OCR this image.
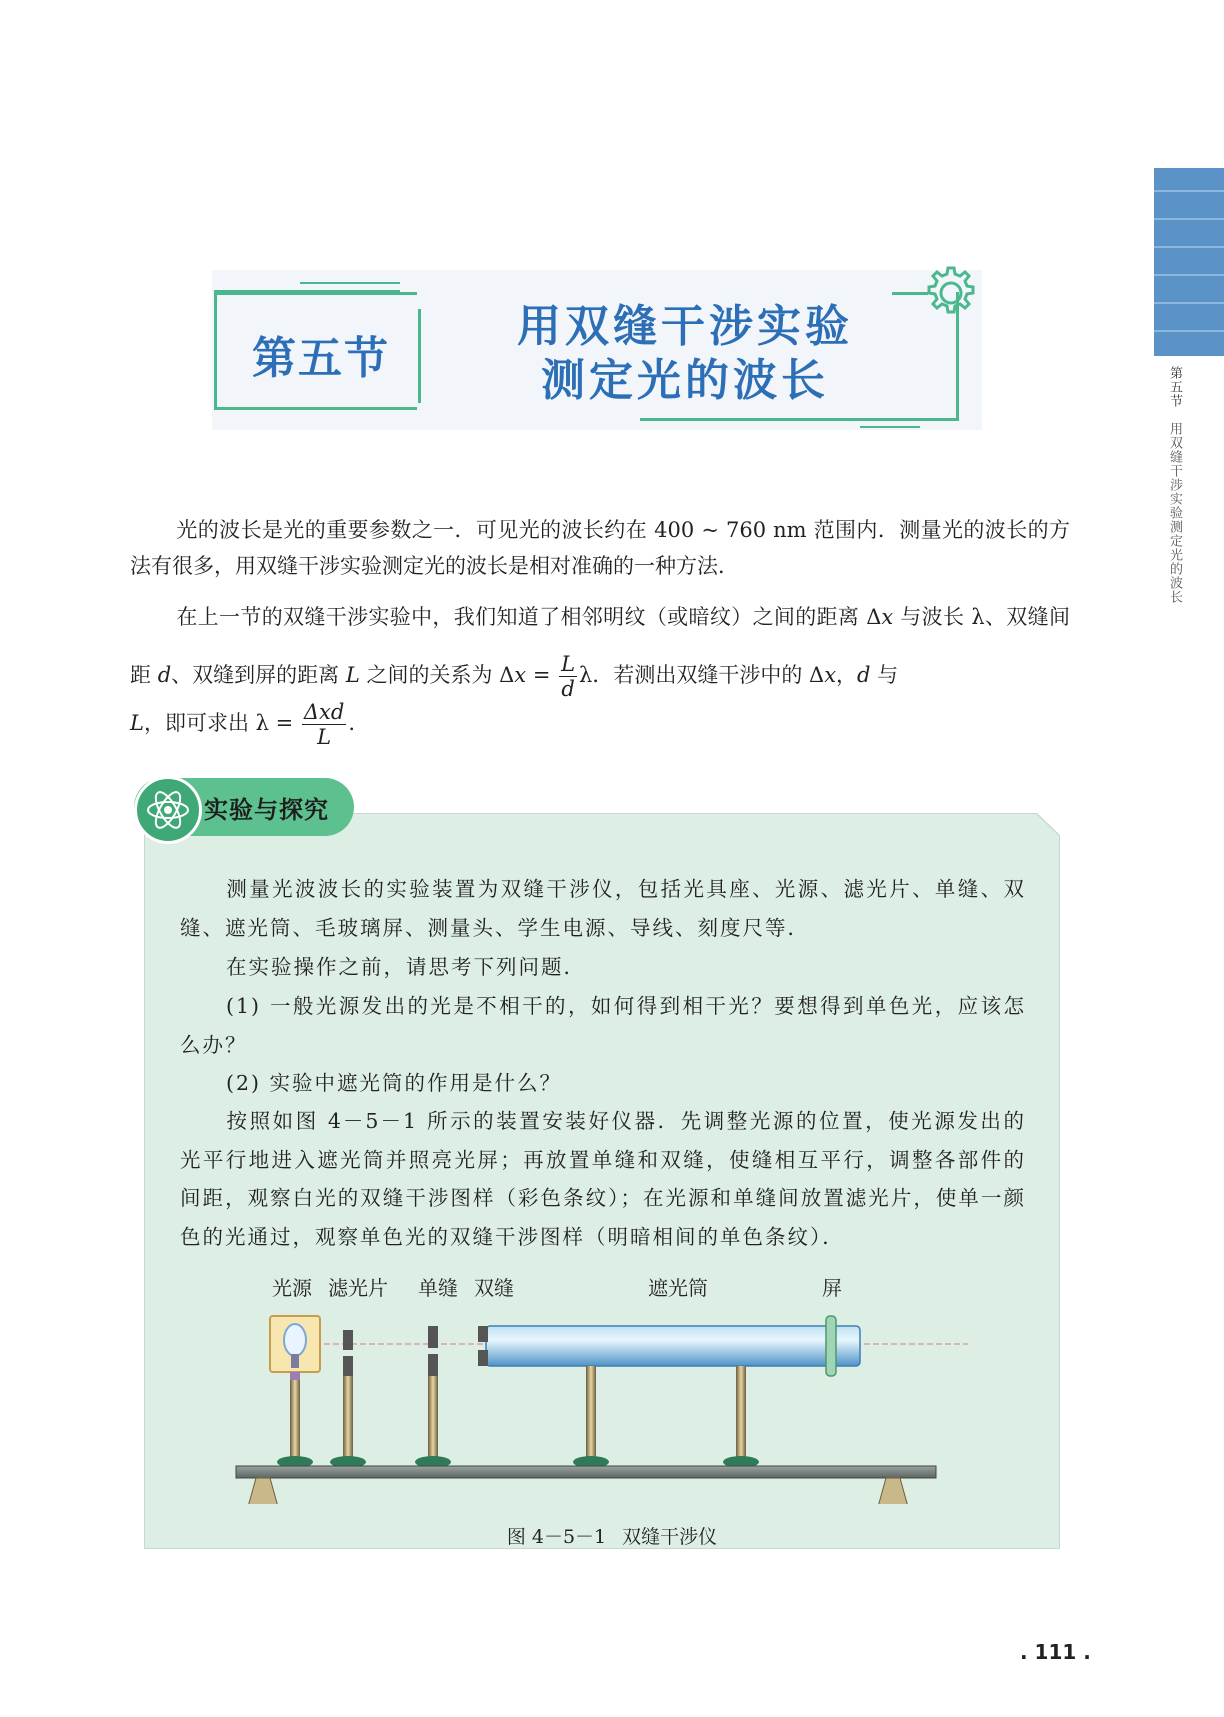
第五节用双缝干涉实验测定光的波长
第五节
用双缝干涉实验
测定光的波长
光的波长是光的重要参数之一．可见光的波长约在 400 ~ 760 nm 范围内．测量光的波长的方法有很多，用双缝干涉实验测定光的波长是相对准确的一种方法．
在上一节的双缝干涉实验中，我们知道了相邻明纹（或暗纹）之间的距离 Δx 与波长 λ、双缝间距 d、双缝到屏的距离 L 之间的关系为 $\Delta x = \frac{L}{d}$ λ．若测出双缝干涉中的 Δx，d 与
L，即可求出 $\lambda = \frac{\text{Δxd}}{L}$ .
实验与探究
测量光波波长的实验装置为双缝干涉仪，包括光具座、光源、滤光片、单缝、双缝、遮光筒、毛玻璃屏、测量头、学生电源、导线、刻度尺等．
在实验操作之前，请思考下列问题．
(1) 一般光源发出的光是不相干的，如何得到相干光？要想得到单色光，应该怎么办？
(2) 实验中遮光筒的作用是什么？
按照如图 4－5－1 所示的装置安装好仪器．先调整光源的位置，使光源发出的光平行地进入遮光筒并照亮光屏；再放置单缝和双缝，使缝相互平行，调整各部件的间距，观察白光的双缝干涉图样（彩色条纹）；在光源和单缝间放置滤光片，使单一颜色的光通过，观察单色光的双缝干涉图样（明暗相间的单色条纹）．
光源 滤光片 单缝 双缝	遮光筒	屏
图 4－5－1 双缝干涉仪
. 111 .
